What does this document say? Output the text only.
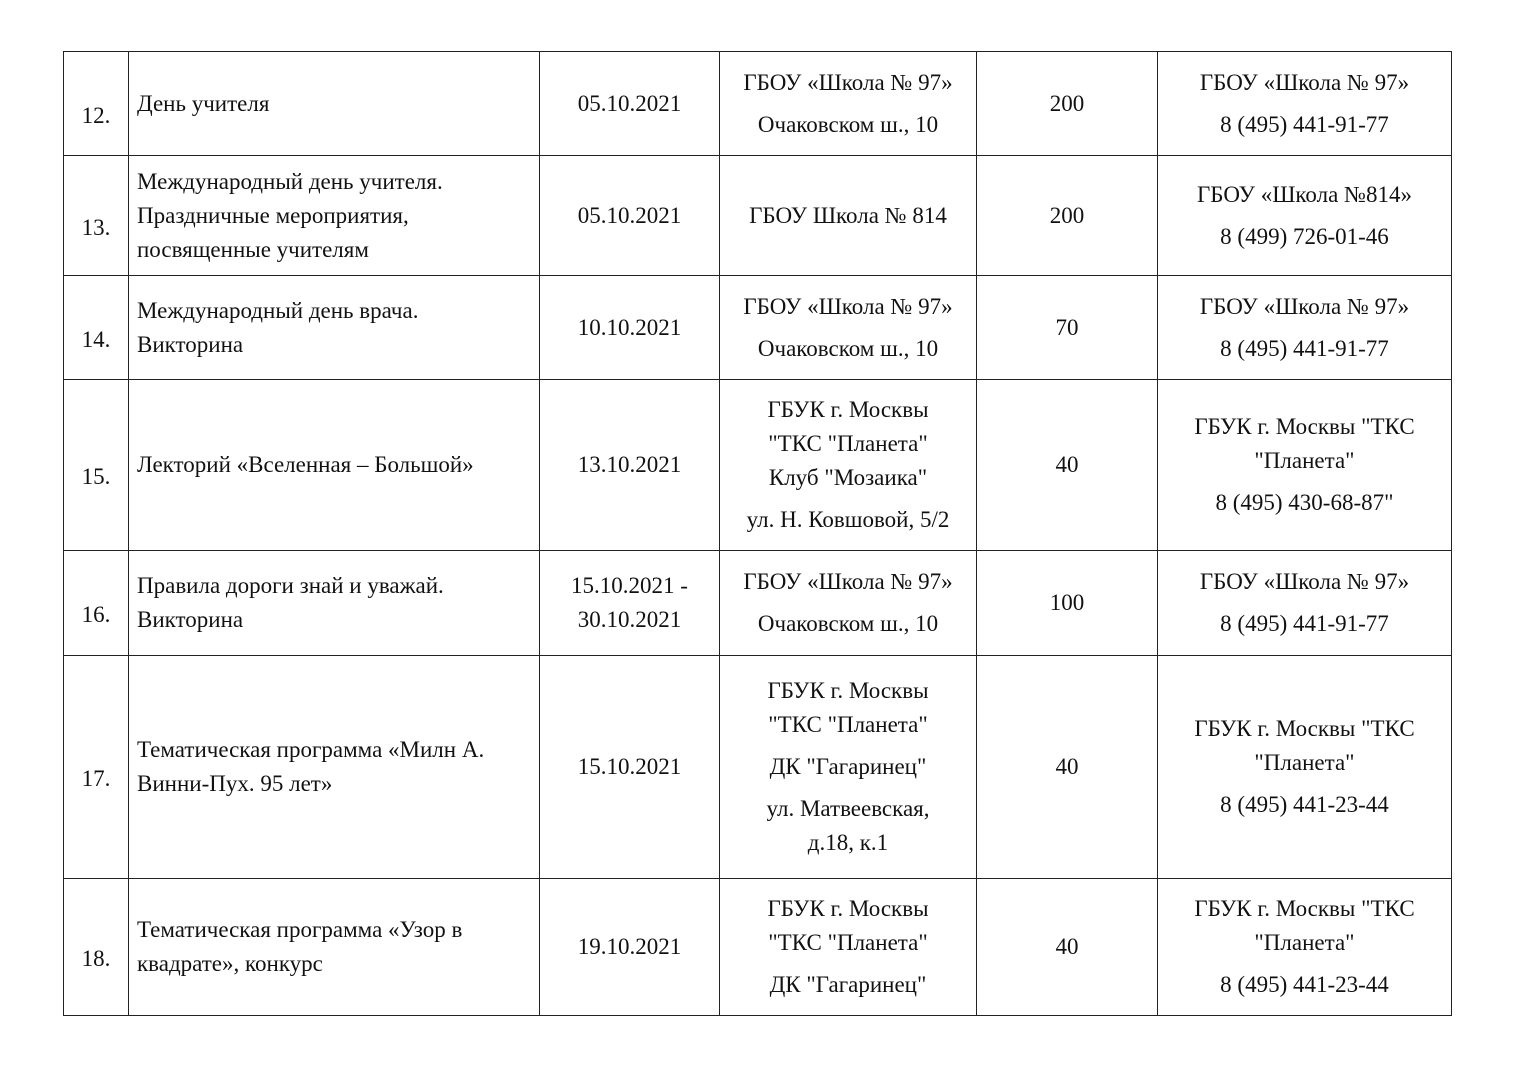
12.	День учителя	05.10.2021	ГБОУ «Школа № 97»
Очаковском ш., 10	200	ГБОУ «Школа № 97»
8 (495) 441-91-77

13.	Международный день учителя.
Праздничные мероприятия,
посвященные учителям	05.10.2021	ГБОУ Школа № 814	200	ГБОУ «Школа №814»
8 (499) 726-01-46

14.	Международный день врача.
Викторина	10.10.2021	ГБОУ «Школа № 97»
Очаковском ш., 10	70	ГБОУ «Школа № 97»
8 (495) 441-91-77

15.	Лекторий «Вселенная – Большой»	13.10.2021	ГБУК г. Москвы
"ТКС "Планета"
Клуб "Мозаика"
ул. Н. Ковшовой, 5/2	40	ГБУК г. Москвы "ТКС
"Планета"
8 (495) 430-68-87"

16.	Правила дороги знай и уважай.
Викторина	15.10.2021 -
30.10.2021	ГБОУ «Школа № 97»
Очаковском ш., 10	100	ГБОУ «Школа № 97»
8 (495) 441-91-77

17.	Тематическая программа «Милн А.
Винни-Пух. 95 лет»	15.10.2021	ГБУК г. Москвы
"ТКС "Планета"
ДК "Гагаринец"
ул. Матвеевская,
д.18, к.1	40	ГБУК г. Москвы "ТКС
"Планета"
8 (495) 441-23-44

18.	Тематическая программа «Узор в
квадрате», конкурс	19.10.2021	ГБУК г. Москвы
"ТКС "Планета"
ДК "Гагаринец"	40	ГБУК г. Москвы "ТКС
"Планета"
8 (495) 441-23-44
